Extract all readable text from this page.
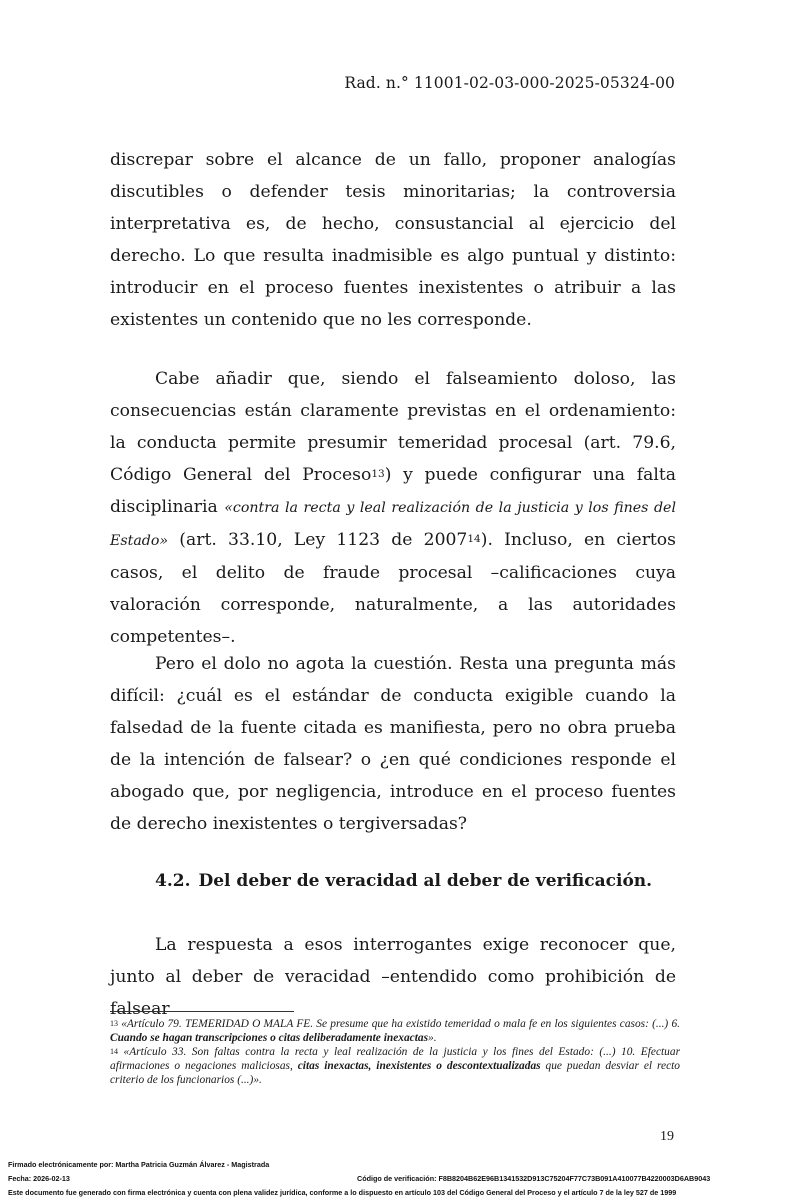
Rad. n.° 11001-02-03-000-2025-05324-00

discrepar sobre el alcance de un fallo, proponer analogías discutibles o defender tesis minoritarias; la controversia interpretativa es, de hecho, consustancial al ejercicio del derecho. Lo que resulta inadmisible es algo puntual y distinto: introducir en el proceso fuentes inexistentes o atribuir a las existentes un contenido que no les corresponde.

Cabe añadir que, siendo el falseamiento doloso, las consecuencias están claramente previstas en el ordenamiento: la conducta permite presumir temeridad procesal (art. 79.6, Código General del Proceso$^{13}$) y puede configurar una falta disciplinaria «contra la recta y leal realización de la justicia y los fines del Estado» (art. 33.10, Ley 1123 de 2007$^{14}$). Incluso, en ciertos casos, el delito de fraude procesal –calificaciones cuya valoración corresponde, naturalmente, a las autoridades competentes–.

Pero el dolo no agota la cuestión. Resta una pregunta más difícil: ¿cuál es el estándar de conducta exigible cuando la falsedad de la fuente citada es manifiesta, pero no obra prueba de la intención de falsear? o ¿en qué condiciones responde el abogado que, por negligencia, introduce en el proceso fuentes de derecho inexistentes o tergiversadas?

4.2. Del deber de veracidad al deber de verificación.

La respuesta a esos interrogantes exige reconocer que, junto al deber de veracidad –entendido como prohibición de falsear

$^{13}$ «Artículo 79. TEMERIDAD O MALA FE. Se presume que ha existido temeridad o mala fe en los siguientes casos: (...) 6. Cuando se hagan transcripciones o citas deliberadamente inexactas».

$^{14}$ «Artículo 33. Son faltas contra la recta y leal realización de la justicia y los fines del Estado: (...) 10. Efectuar afirmaciones o negaciones maliciosas, citas inexactas, inexistentes o descontextualizadas que puedan desviar el recto criterio de los funcionarios (...)».

19
Firmado electrónicamente por: Martha Patricia Guzmán Álvarez - Magistrada
Fecha: 2026-02-13	Código de verificación: F8B8204B62E96B1341532D913C75204F77C73B091A410077B4220003D6AB9043
Este documento fue generado con firma electrónica y cuenta con plena validez jurídica, conforme a lo dispuesto en artículo 103 del Código General del Proceso y el artículo 7 de la ley 527 de 1999
